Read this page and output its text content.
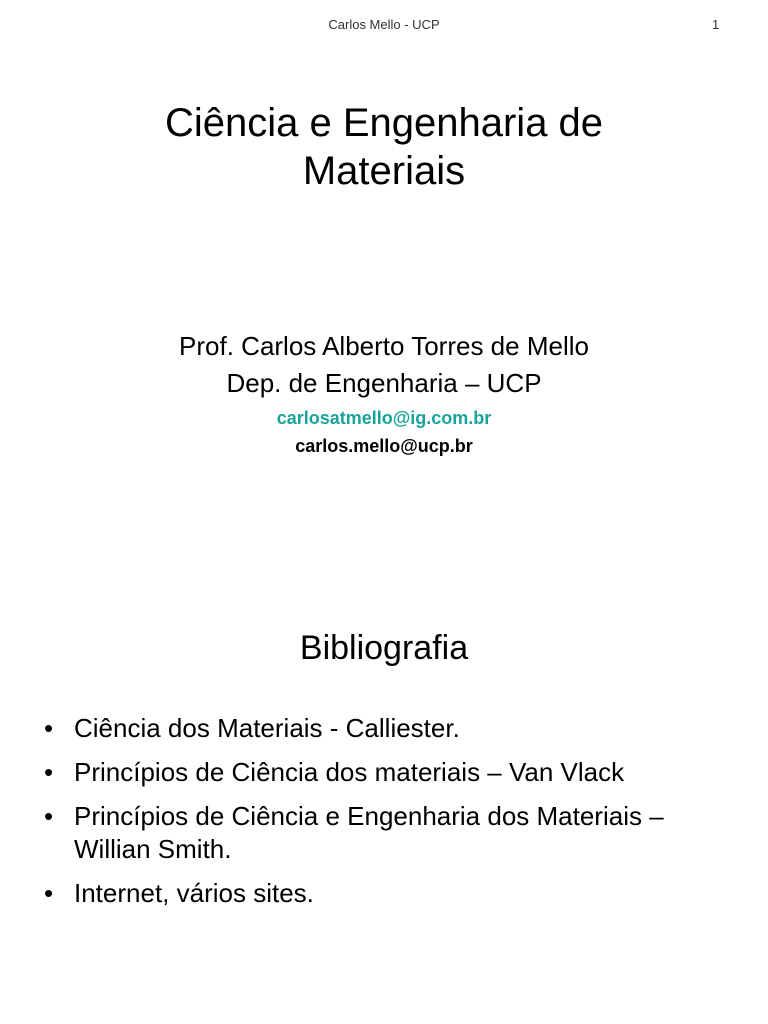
Ciência e Engenharia de
Materiais
Prof. Carlos Alberto Torres de Mello
Dep. de Engenharia – UCP
carlosatmello@ig.com.br
carlos.mello@ucp.br
Carlos Mello - UCP	1
Bibliografia
• Ciência dos Materiais - Calliester.
• Princípios de Ciência dos materiais – Van Vlack
• Princípios de Ciência e Engenharia dos Materiais – Willian Smith.
• Internet, vários sites.
